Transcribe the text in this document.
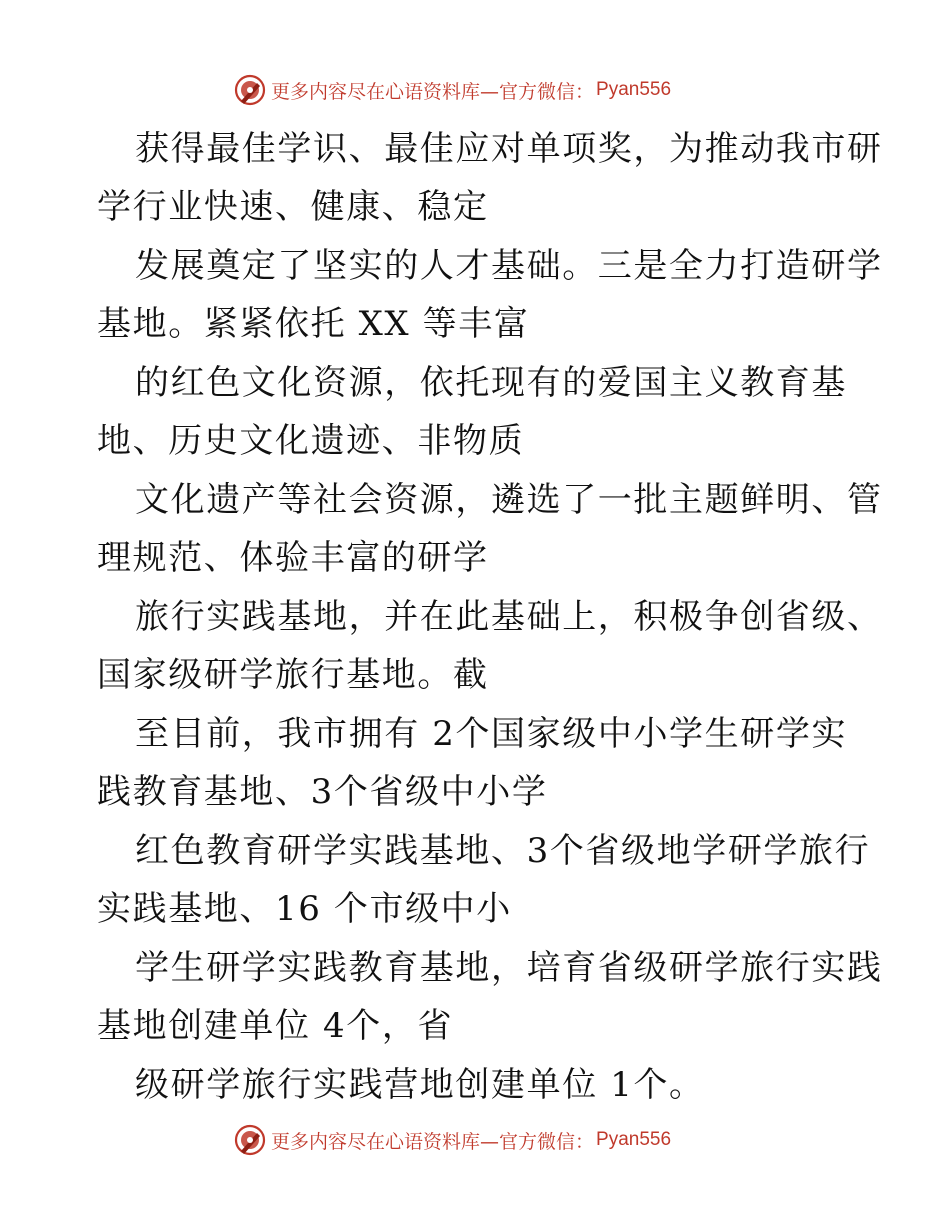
更多内容尽在心语资料库—官方微信： Pyan556
获得最佳学识、最佳应对单项奖，为推动我市研
学行业快速、健康、稳定
发展奠定了坚实的人才基础。三是全力打造研学
基地。紧紧依托 XX 等丰富
的红色文化资源，依托现有的爱国主义教育基
地、历史文化遗迹、非物质
文化遗产等社会资源，遴选了一批主题鲜明、管
理规范、体验丰富的研学
旅行实践基地，并在此基础上，积极争创省级、
国家级研学旅行基地。截
至目前，我市拥有 2个国家级中小学生研学实
践教育基地、3个省级中小学
红色教育研学实践基地、3个省级地学研学旅行
实践基地、16 个市级中小
学生研学实践教育基地，培育省级研学旅行实践
基地创建单位 4个，省
级研学旅行实践营地创建单位 1个。
更多内容尽在心语资料库—官方微信： Pyan556
